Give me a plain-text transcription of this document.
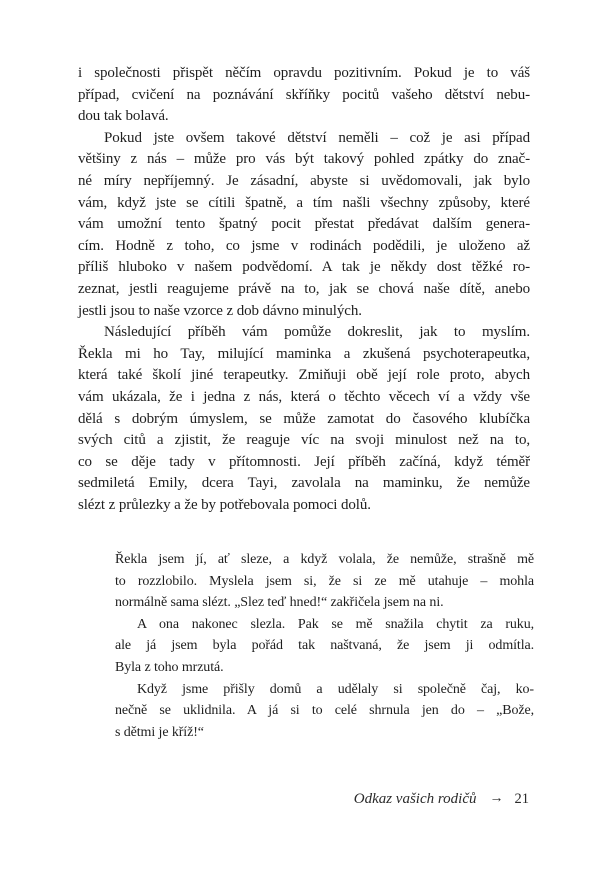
i společnosti přispět něčím opravdu pozitivním. Pokud je to váš
případ, cvičení na poznávání skříňky pocitů vašeho dětství nebu-
dou tak bolavá.
Pokud jste ovšem takové dětství neměli – což je asi případ
většiny z nás – může pro vás být takový pohled zpátky do znač-
né míry nepříjemný. Je zásadní, abyste si uvědomovali, jak bylo
vám, když jste se cítili špatně, a tím našli všechny způsoby, které
vám umožní tento špatný pocit přestat předávat dalším genera-
cím. Hodně z toho, co jsme v rodinách podědili, je uloženo až
příliš hluboko v našem podvědomí. A tak je někdy dost těžké ro-
zeznat, jestli reagujeme právě na to, jak se chová naše dítě, anebo
jestli jsou to naše vzorce z dob dávno minulých.
Následující příběh vám pomůže dokreslit, jak to myslím.
Řekla mi ho Tay, milující maminka a zkušená psychoterapeutka,
která také školí jiné terapeutky. Zmiňuji obě její role proto, abych
vám ukázala, že i jedna z nás, která o těchto věcech ví a vždy vše
dělá s dobrým úmyslem, se může zamotat do časového klubíčka
svých citů a zjistit, že reaguje víc na svoji minulost než na to,
co se děje tady v přítomnosti. Její příběh začíná, když téměř
sedmiletá Emily, dcera Tayi, zavolala na maminku, že nemůže
slézt z průlezky a že by potřebovala pomoci dolů.
Řekla jsem jí, ať sleze, a když volala, že nemůže, strašně mě
to rozzlobilo. Myslela jsem si, že si ze mě utahuje – mohla
normálně sama slézt. „Slez teď hned!“ zakřičela jsem na ni.
A ona nakonec slezla. Pak se mě snažila chytit za ruku,
ale já jsem byla pořád tak naštvaná, že jsem ji odmítla.
Byla z toho mrzutá.
Když jsme přišly domů a udělaly si společně čaj, ko-
nečně se uklidnila. A já si to celé shrnula jen do – „Bože,
s dětmi je kříž!“
Odkaz vašich rodičů → 21
